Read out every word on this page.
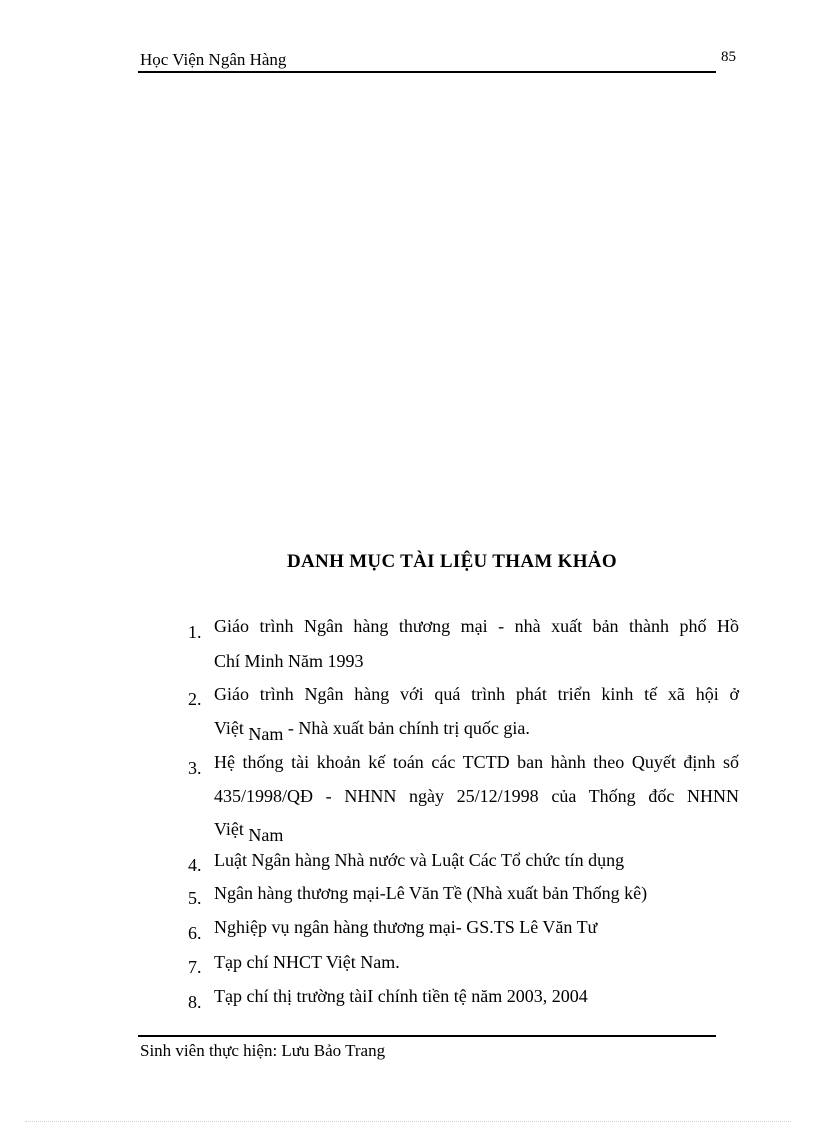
Học Viện Ngân Hàng	85
DANH MỤC TÀI LIỆU THAM KHẢO
1. Giáo trình Ngân hàng thương mại - nhà xuất bản thành phố Hồ
Chí Minh Năm 1993
2. Giáo trình Ngân hàng với quá trình phát triển kinh tế xã hội ở
Việt Nam - Nhà xuất bản chính trị quốc gia.
3. Hệ thống tài khoản kế toán các TCTD ban hành theo Quyết định số
435/1998/QĐ - NHNN ngày 25/12/1998 của Thống đốc NHNN
Việt Nam
4. Luật Ngân hàng Nhà nước và Luật Các Tổ chức tín dụng
5. Ngân hàng thương mại-Lê Văn Tề (Nhà xuất bản Thống kê)
6. Nghiệp vụ ngân hàng thương mại- GS.TS Lê Văn Tư
7. Tạp chí NHCT Việt Nam.
8. Tạp chí thị trường tàiI chính tiền tệ năm 2003, 2004
Sinh viên thực hiện: Lưu Bảo Trang
